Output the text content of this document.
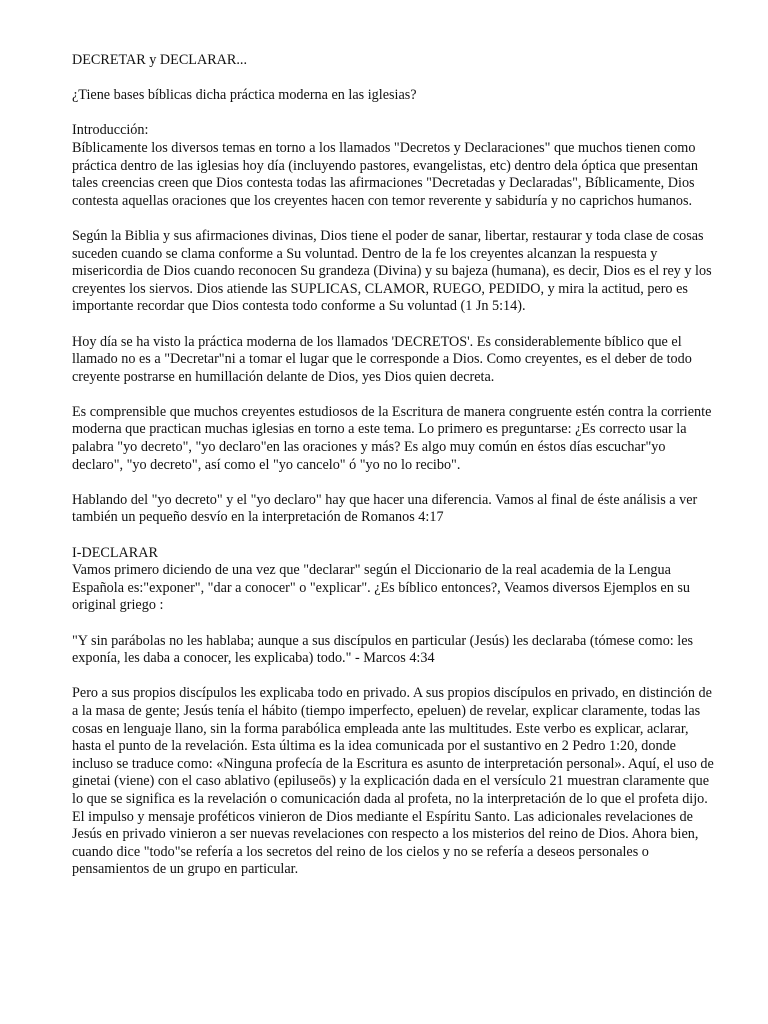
DECRETAR y DECLARAR...

¿Tiene bases bíblicas dicha práctica moderna en las iglesias?

Introducción:

Bíblicamente los diversos temas en torno a los llamados "Decretos y Declaraciones" que muchos tienen como práctica dentro de las iglesias hoy día (incluyendo pastores, evangelistas, etc) dentro dela óptica que presentan tales creencias creen que Dios contesta todas las afirmaciones "Decretadas y Declaradas", Bíblicamente, Dios contesta aquellas oraciones que los creyentes hacen con temor reverente y sabiduría y no caprichos humanos.

Según la Biblia y sus afirmaciones divinas, Dios tiene el poder de sanar, libertar, restaurar y toda clase de cosas suceden cuando se clama conforme a Su voluntad. Dentro de la fe los creyentes alcanzan la respuesta y misericordia de Dios cuando reconocen Su grandeza (Divina) y su bajeza (humana), es decir, Dios es el rey y los creyentes los siervos. Dios atiende las SUPLICAS, CLAMOR, RUEGO, PEDIDO, y mira la actitud, pero es importante recordar que Dios contesta todo conforme a Su voluntad (1 Jn 5:14).

Hoy día se ha visto la práctica moderna de los llamados 'DECRETOS'. Es considerablemente bíblico que el llamado no es a "Decretar"ni a tomar el lugar que le corresponde a Dios. Como creyentes, es el deber de todo creyente postrarse en humillación delante de Dios, yes Dios quien decreta.

Es comprensible que muchos creyentes estudiosos de la Escritura de manera congruente estén contra la corriente moderna que practican muchas iglesias en torno a este tema. Lo primero es preguntarse: ¿Es correcto usar la palabra "yo decreto", "yo declaro"en las oraciones y más? Es algo muy común en éstos días escuchar"yo declaro", "yo decreto", así como el "yo cancelo" ó "yo no lo recibo".

Hablando del "yo decreto" y el "yo declaro" hay que hacer una diferencia. Vamos al final de éste análisis a ver también un pequeño desvío en la interpretación de Romanos 4:17

I-DECLARAR

Vamos primero diciendo de una vez que "declarar" según el Diccionario de la real academia de la Lengua Española es:"exponer", "dar a conocer" o "explicar". ¿Es bíblico entonces?, Veamos diversos Ejemplos en su original griego :

"Y sin parábolas no les hablaba; aunque a sus discípulos en particular (Jesús) les declaraba (tómese como: les exponía, les daba a conocer, les explicaba) todo." - Marcos 4:34

Pero a sus propios discípulos les explicaba todo en privado. A sus propios discípulos en privado, en distinción de a la masa de gente; Jesús tenía el hábito (tiempo imperfecto, epeluen) de revelar, explicar claramente, todas las cosas en lenguaje llano, sin la forma parabólica empleada ante las multitudes. Este verbo es explicar, aclarar, hasta el punto de la revelación. Esta última es la idea comunicada por el sustantivo en 2 Pedro 1:20, donde incluso se traduce como: «Ninguna profecía de la Escritura es asunto de interpretación personal». Aquí, el uso de ginetai (viene) con el caso ablativo (epiluseōs) y la explicación dada en el versículo 21 muestran claramente que lo que se significa es la revelación o comunicación dada al profeta, no la interpretación de lo que el profeta dijo. El impulso y mensaje proféticos vinieron de Dios mediante el Espíritu Santo. Las adicionales revelaciones de Jesús en privado vinieron a ser nuevas revelaciones con respecto a los misterios del reino de Dios. Ahora bien, cuando dice "todo"se refería a los secretos del reino de los cielos y no se refería a deseos personales o pensamientos de un grupo en particular.
